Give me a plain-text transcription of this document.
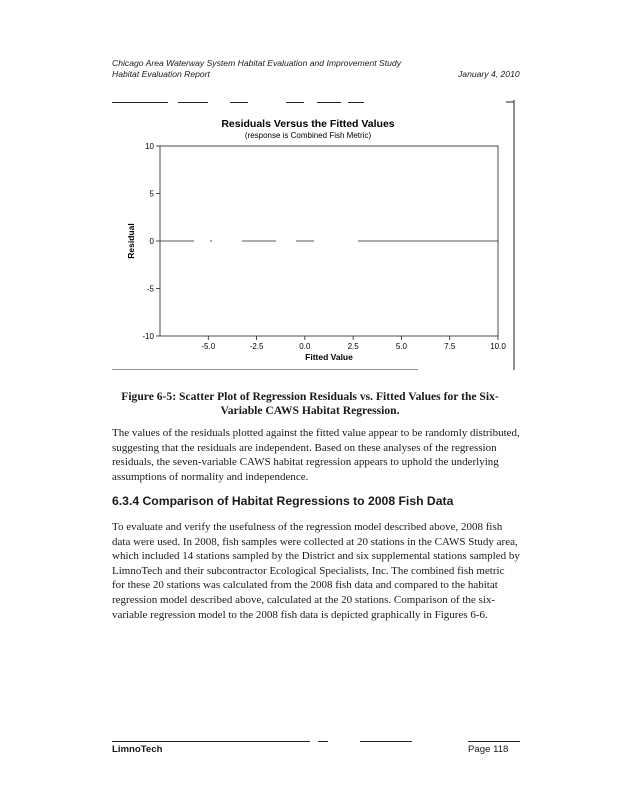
Chicago Area Waterway System Habitat Evaluation and Improvement Study
Habitat Evaluation Report	January 4, 2010
Residuals Versus the Fitted Values
(response is Combined Fish Metric)
10
5
0
-5
-10
-5.0	-2.5	0.0	2.5	5.0	7.5	10.0
Fitted Value
Residual
Figure 6-5: Scatter Plot of Regression Residuals vs. Fitted Values for the Six-
Variable CAWS Habitat Regression.
The values of the residuals plotted against the fitted value appear to be randomly distributed, suggesting that the residuals are independent. Based on these analyses of the regression residuals, the seven-variable CAWS habitat regression appears to uphold the underlying assumptions of normality and independence.
6.3.4 Comparison of Habitat Regressions to 2008 Fish Data
To evaluate and verify the usefulness of the regression model described above, 2008 fish data were used. In 2008, fish samples were collected at 20 stations in the CAWS Study area, which included 14 stations sampled by the District and six supplemental stations sampled by LimnoTech and their subcontractor Ecological Specialists, Inc. The combined fish metric for these 20 stations was calculated from the 2008 fish data and compared to the habitat regression model described above, calculated at the 20 stations. Comparison of the six-variable regression model to the 2008 fish data is depicted graphically in Figures 6-6.
LimnoTech	Page 118
